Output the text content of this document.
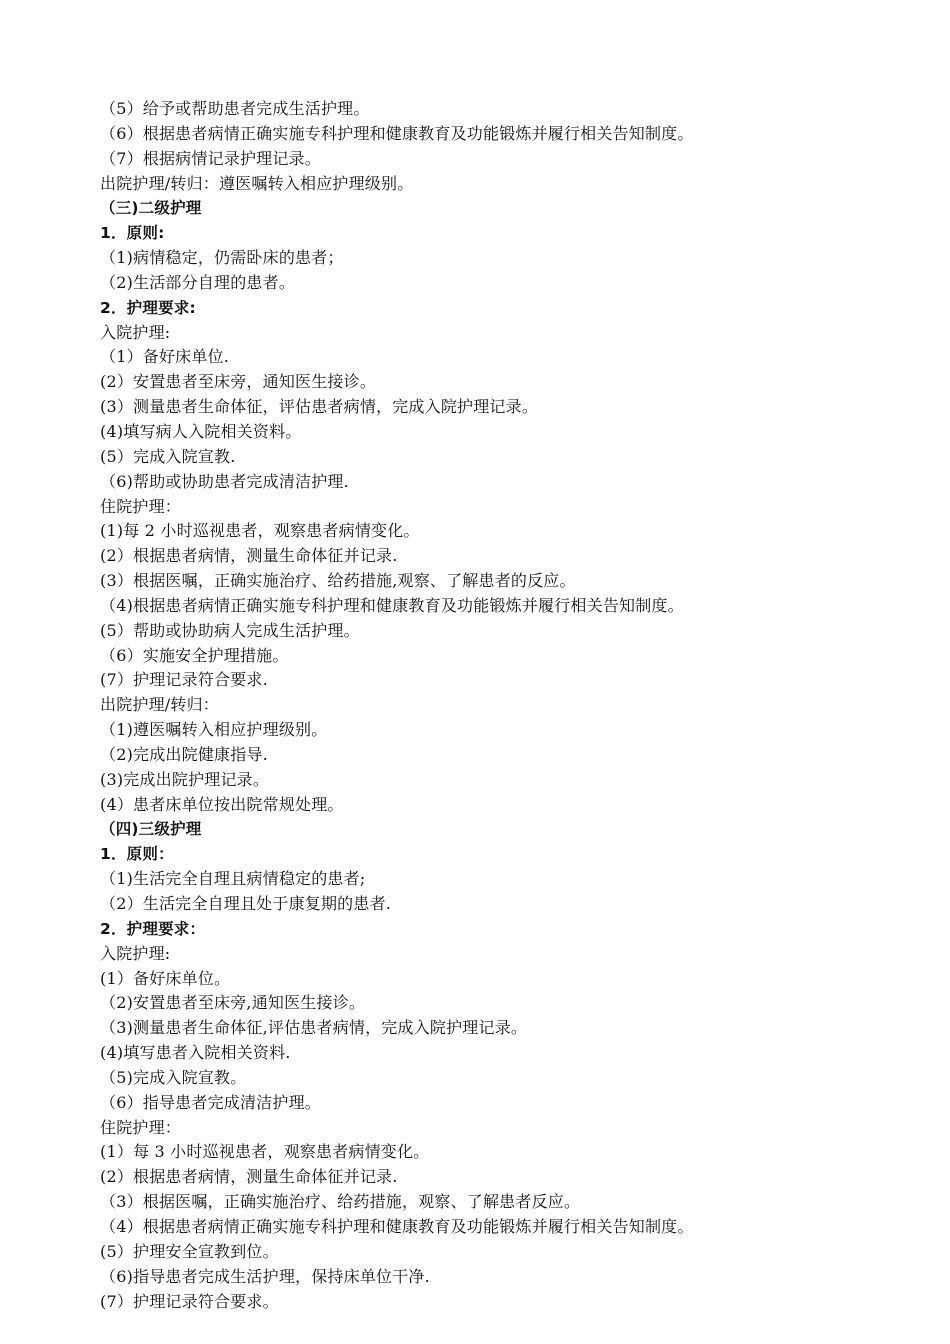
（5）给予或帮助患者完成生活护理。
（6）根据患者病情正确实施专科护理和健康教育及功能锻炼并履行相关告知制度。
（7）根据病情记录护理记录。
出院护理/转归：遵医嘱转入相应护理级别。
（三)二级护理
1．原则:
（1)病情稳定，仍需卧床的患者；
（2)生活部分自理的患者。
2．护理要求:
入院护理:
（1）备好床单位.
(2）安置患者至床旁，通知医生接诊。
(3）测量患者生命体征，评估患者病情，完成入院护理记录。
(4)填写病人入院相关资料。
(5）完成入院宣教.
（6)帮助或协助患者完成清洁护理.
住院护理：
(1)每 2 小时巡视患者，观察患者病情变化。
(2）根据患者病情，测量生命体征并记录.
(3）根据医嘱，正确实施治疗、给药措施,观察、了解患者的反应。
（4)根据患者病情正确实施专科护理和健康教育及功能锻炼并履行相关告知制度。
(5）帮助或协助病人完成生活护理。
（6）实施安全护理措施。
(7）护理记录符合要求.
出院护理/转归：
（1)遵医嘱转入相应护理级别。
（2)完成出院健康指导.
(3)完成出院护理记录。
(4）患者床单位按出院常规处理。
（四)三级护理
1．原则：
（1)生活完全自理且病情稳定的患者;
（2）生活完全自理且处于康复期的患者.
2．护理要求：
入院护理:
(1）备好床单位。
（2)安置患者至床旁,通知医生接诊。
（3)测量患者生命体征,评估患者病情，完成入院护理记录。
(4)填写患者入院相关资料.
（5)完成入院宣教。
（6）指导患者完成清洁护理。
住院护理：
(1）每 3 小时巡视患者，观察患者病情变化。
(2）根据患者病情，测量生命体征并记录.
（3）根据医嘱，正确实施治疗、给药措施，观察、了解患者反应。
（4）根据患者病情正确实施专科护理和健康教育及功能锻炼并履行相关告知制度。
(5）护理安全宣教到位。
（6)指导患者完成生活护理，保持床单位干净.
(7）护理记录符合要求。
